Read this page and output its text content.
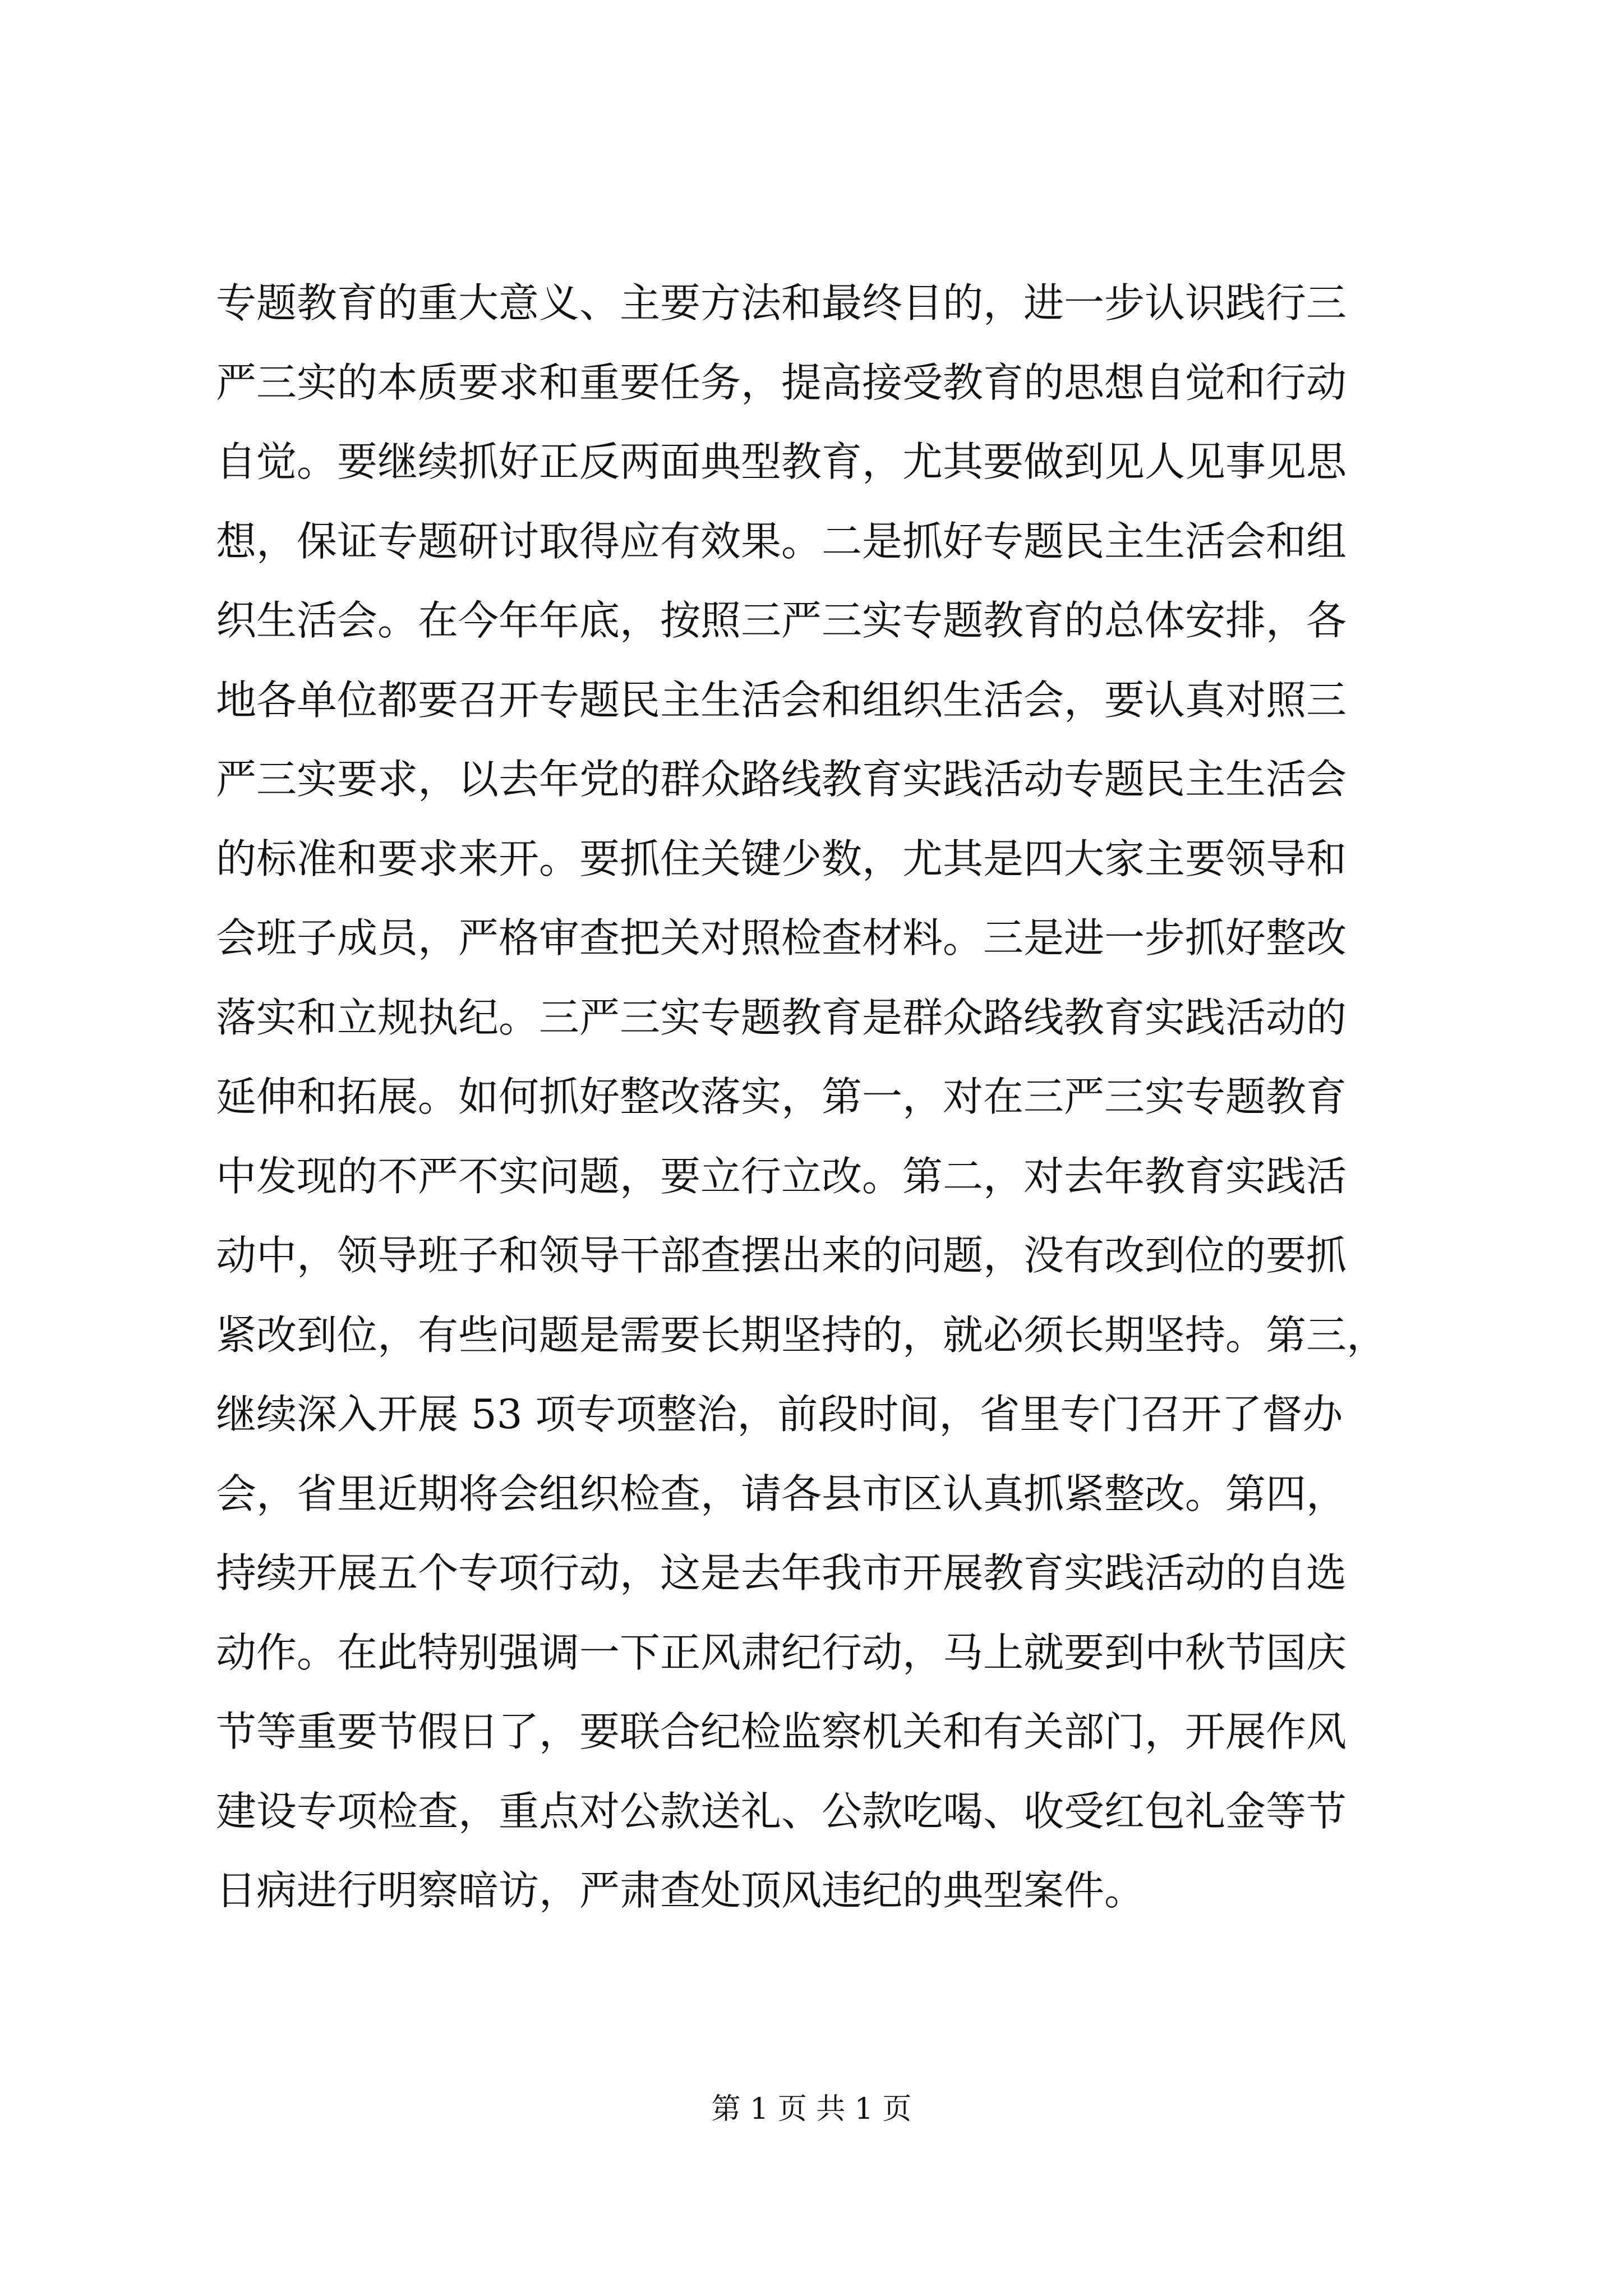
专题教育的重大意义、主要方法和最终目的，进一步认识践行三
严三实的本质要求和重要任务，提高接受教育的思想自觉和行动
自觉。要继续抓好正反两面典型教育，尤其要做到见人见事见思
想，保证专题研讨取得应有效果。二是抓好专题民主生活会和组
织生活会。在今年年底，按照三严三实专题教育的总体安排，各
地各单位都要召开专题民主生活会和组织生活会，要认真对照三
严三实要求，以去年党的群众路线教育实践活动专题民主生活会
的标准和要求来开。要抓住关键少数，尤其是四大家主要领导和
会班子成员，严格审查把关对照检查材料。三是进一步抓好整改
落实和立规执纪。三严三实专题教育是群众路线教育实践活动的
延伸和拓展。如何抓好整改落实，第一，对在三严三实专题教育
中发现的不严不实问题，要立行立改。第二，对去年教育实践活
动中，领导班子和领导干部查摆出来的问题，没有改到位的要抓
紧改到位，有些问题是需要长期坚持的，就必须长期坚持。第三，
继续深入开展 53 项专项整治，前段时间，省里专门召开了督办
会，省里近期将会组织检查，请各县市区认真抓紧整改。第四，
持续开展五个专项行动，这是去年我市开展教育实践活动的自选
动作。在此特别强调一下正风肃纪行动，马上就要到中秋节国庆
节等重要节假日了，要联合纪检监察机关和有关部门，开展作风
建设专项检查，重点对公款送礼、公款吃喝、收受红包礼金等节
日病进行明察暗访，严肃查处顶风违纪的典型案件。
第 1 页 共 1 页
